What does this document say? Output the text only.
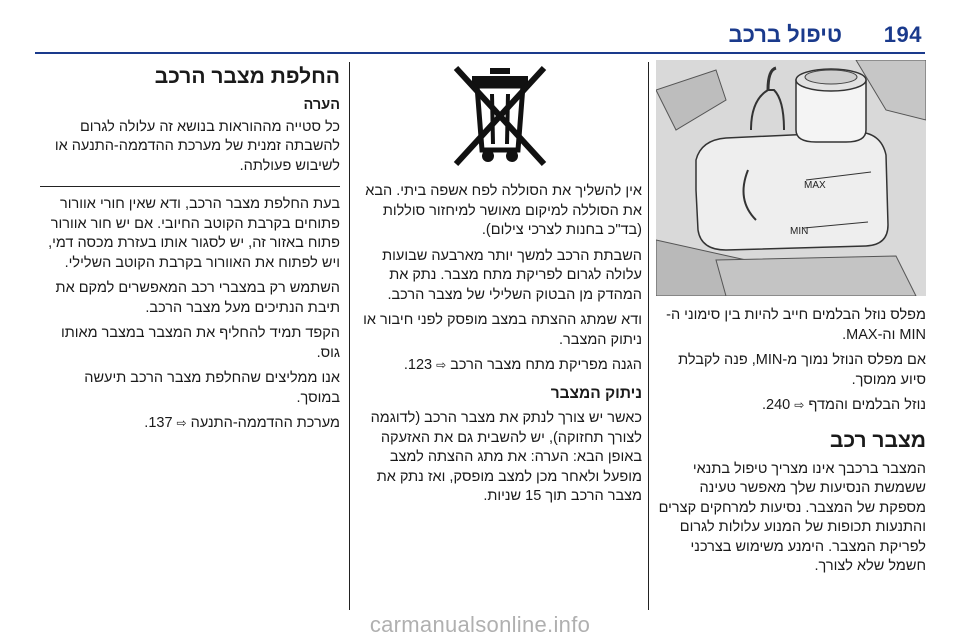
194
טיפול ברכב
MAX
MIN

מפלס נוזל הבלמים חייב להיות בין סימוני ה-MIN וה-MAX.

אם מפלס הנוזל נמוך מ-MIN, פנה לקבלת סיוע ממוסך.

נוזל הבלמים והמדף ⇨ 240.

מצבר רכב

המצבר ברכבך אינו מצריך טיפול בתנאי ששמשת הנסיעות שלך מאפשר טעינה מספקת של המצבר. נסיעות למרחקים קצרים והתנעות תכופות של המנוע עלולות לגרום לפריקת המצבר. הימנע משימוש בצרכני חשמל שלא לצורך.

אין להשליך את הסוללה לפח אשפה ביתי. הבא את הסוללה למיקום מאושר למיחזור סוללות (בד"כ בחנות לצרכי צילום).

השבתת הרכב למשך יותר מארבעה שבועות עלולה לגרום לפריקת מתח מצבר. נתק את המהדק מן הבטוק השלילי של מצבר הרכב.

ודא שמתג ההצתה במצב מופסק לפני חיבור או ניתוק המצבר.

הגנה מפריקת מתח מצבר הרכב ⇨ 123.

ניתוק המצבר

כאשר יש צורך לנתק את מצבר הרכב (לדוגמה לצורך תחזוקה), יש להשבית גם את האזעקה באופן הבא: הערה: את מתג ההצתה למצב מופעל ולאחר מכן למצב מופסק, ואז נתק את מצבר הרכב תוך 15 שניות.

החלפת מצבר הרכב
הערה

כל סטייה מההוראות בנושא זה עלולה לגרום להשבתה זמנית של מערכת ההדממה-התנעה או לשיבוש פעולתה.

בעת החלפת מצבר הרכב, ודא שאין חורי אוורור פתוחים בקרבת הקוטב החיובי. אם יש חור אוורור פתוח באזור זה, יש לסגור אותו בעזרת מכסה דמי, ויש לפתוח את האוורור בקרבת הקוטב השלילי.

השתמש רק במצברי רכב המאפשרים למקם את תיבת הנתיכים מעל מצבר הרכב.

הקפד תמיד להחליף את המצבר במצבר מאותו גוס.

אנו ממליצים שהחלפת מצבר הרכב תיעשה במוסך.

מערכת ההדממה-התנעה ⇨ 137.

carmanualsonline.info
